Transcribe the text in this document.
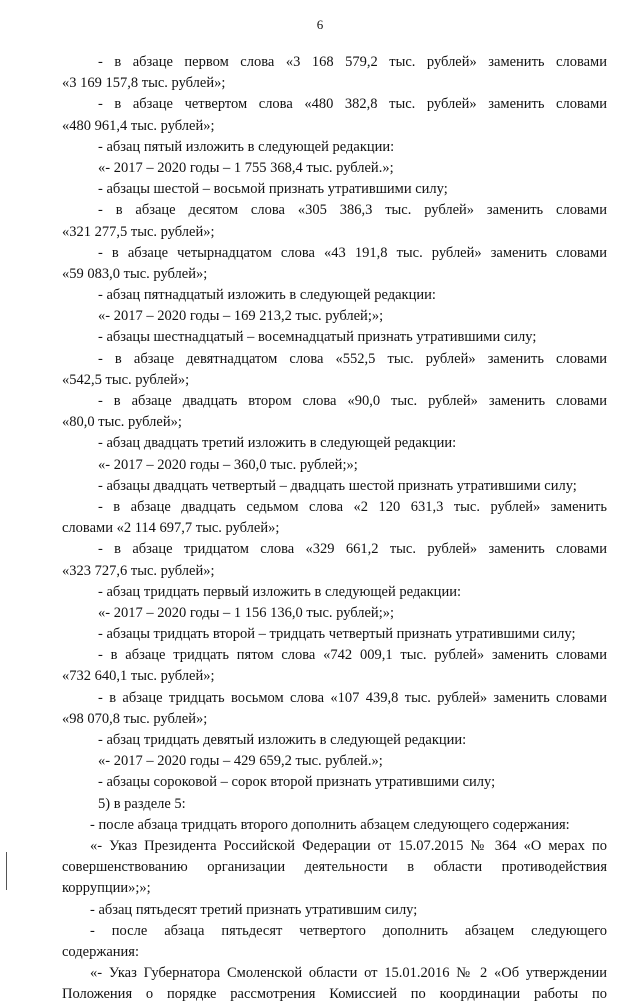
6
- в абзаце первом слова «3 168 579,2 тыс. рублей» заменить словами
«3 169 157,8 тыс. рублей»;
- в абзаце четвертом слова «480 382,8 тыс. рублей» заменить словами
«480 961,4 тыс. рублей»;
- абзац пятый изложить в следующей редакции:
«- 2017 – 2020 годы – 1 755 368,4 тыс. рублей.»;
- абзацы шестой – восьмой признать утратившими силу;
- в абзаце десятом слова «305 386,3 тыс. рублей» заменить словами
«321 277,5 тыс. рублей»;
- в абзаце четырнадцатом слова «43 191,8 тыс. рублей» заменить словами
«59 083,0 тыс. рублей»;
- абзац пятнадцатый изложить в следующей редакции:
«- 2017 – 2020 годы – 169 213,2 тыс. рублей;»;
- абзацы шестнадцатый – восемнадцатый признать утратившими силу;
- в абзаце девятнадцатом слова «552,5 тыс. рублей» заменить словами
«542,5 тыс. рублей»;
- в абзаце двадцать втором слова «90,0 тыс. рублей» заменить словами
«80,0 тыс. рублей»;
- абзац двадцать третий изложить в следующей редакции:
«- 2017 – 2020 годы – 360,0 тыс. рублей;»;
- абзацы двадцать четвертый – двадцать шестой признать утратившими силу;
- в абзаце двадцать седьмом слова «2 120 631,3 тыс. рублей» заменить
словами «2 114 697,7 тыс. рублей»;
- в абзаце тридцатом слова «329 661,2 тыс. рублей» заменить словами
«323 727,6 тыс. рублей»;
- абзац тридцать первый изложить в следующей редакции:
«- 2017 – 2020 годы – 1 156 136,0 тыс. рублей;»;
- абзацы тридцать второй – тридцать четвертый признать утратившими силу;
- в абзаце тридцать пятом слова «742 009,1 тыс. рублей» заменить словами
«732 640,1 тыс. рублей»;
- в абзаце тридцать восьмом слова «107 439,8 тыс. рублей» заменить словами
«98 070,8 тыс. рублей»;
- абзац тридцать девятый изложить в следующей редакции:
«- 2017 – 2020 годы – 429 659,2 тыс. рублей.»;
- абзацы сороковой – сорок второй признать утратившими силу;
5) в разделе 5:
- после абзаца тридцать второго дополнить абзацем следующего содержания:
«- Указ Президента Российской Федерации от 15.07.2015 № 364 «О мерах по
совершенствованию организации деятельности в области противодействия
коррупции»;»;
- абзац пятьдесят третий признать утратившим силу;
- после абзаца пятьдесят четвертого дополнить абзацем следующего
содержания:
«- Указ Губернатора Смоленской области от 15.01.2016 № 2 «Об утверждении
Положения о порядке рассмотрения Комиссией по координации работы по
